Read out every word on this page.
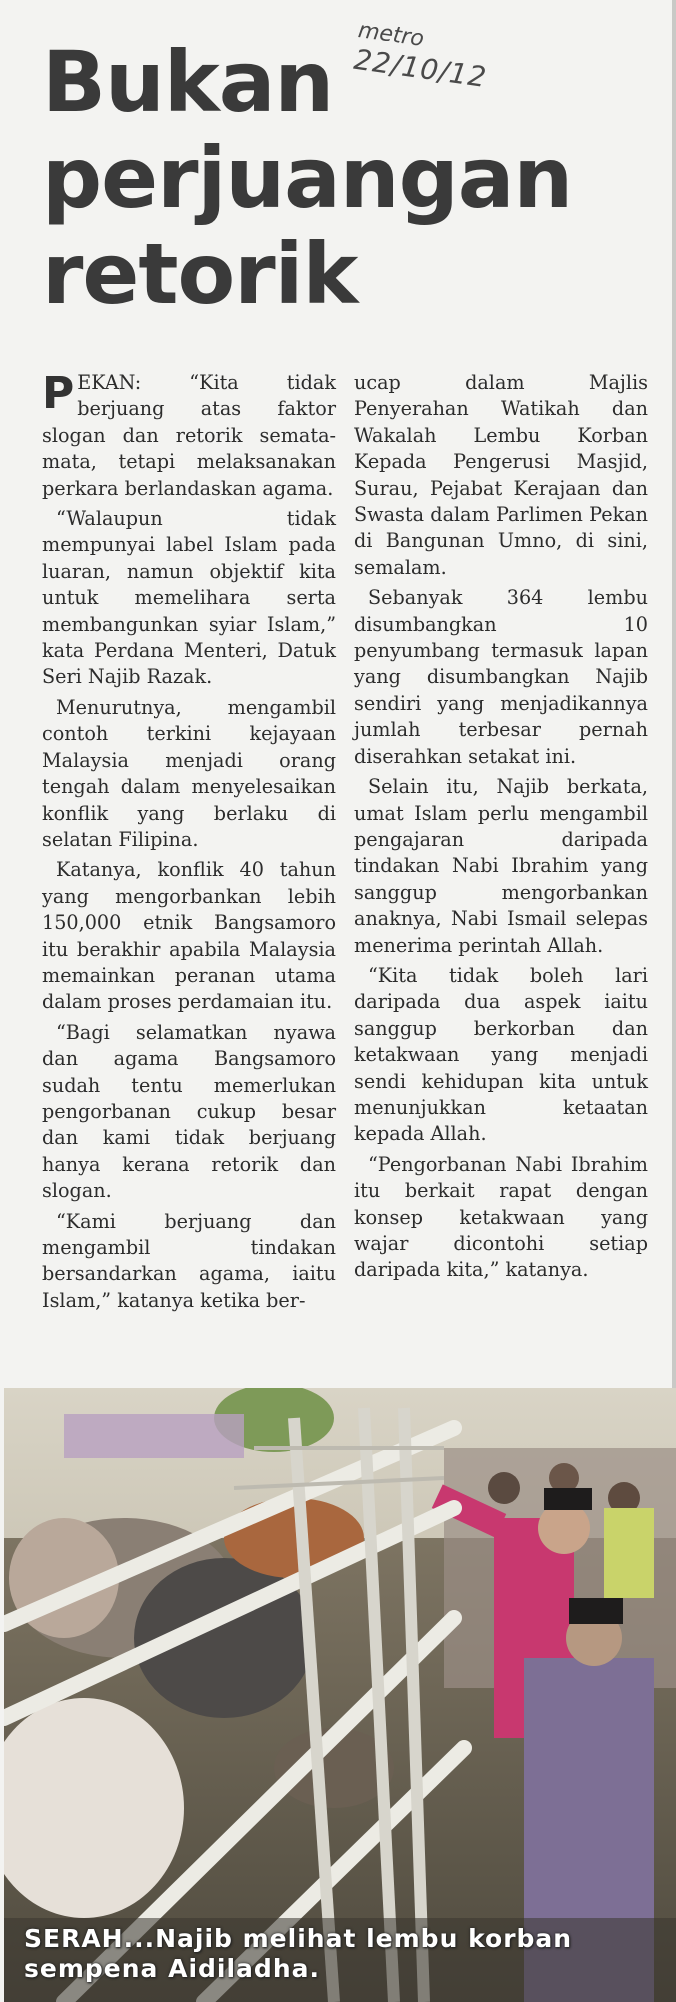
metro
22/10/12
Bukan
perjuangan
retorik

PEKAN: “Kita tidak berjuang atas faktor slogan dan retorik semata-mata, tetapi melaksanakan perkara berlandaskan agama.

“Walaupun tidak mempunyai label Islam pada luaran, namun objektif kita untuk memelihara serta membangunkan syiar Islam,” kata Perdana Menteri, Datuk Seri Najib Razak.

Menurutnya, mengambil contoh terkini kejayaan Malaysia menjadi orang tengah dalam menyelesaikan konflik yang berlaku di selatan Filipina.

Katanya, konflik 40 tahun yang mengorbankan lebih 150,000 etnik Bangsamoro itu berakhir apabila Malaysia memainkan peranan utama dalam proses perdamaian itu.

“Bagi selamatkan nyawa dan agama Bangsamoro sudah tentu memerlukan pengorbanan cukup besar dan kami tidak berjuang hanya kerana retorik dan slogan.

“Kami berjuang dan mengambil tindakan bersandarkan agama, iaitu Islam,” katanya ketika ber-

ucap dalam Majlis Penyerahan Watikah dan Wakalah Lembu Korban Kepada Pengerusi Masjid, Surau, Pejabat Kerajaan dan Swasta dalam Parlimen Pekan di Bangunan Umno, di sini, semalam.

Sebanyak 364 lembu disumbangkan 10 penyumbang termasuk lapan yang disumbangkan Najib sendiri yang menjadikannya jumlah terbesar pernah diserahkan setakat ini.

Selain itu, Najib berkata, umat Islam perlu mengambil pengajaran daripada tindakan Nabi Ibrahim yang sanggup mengorbankan anaknya, Nabi Ismail selepas menerima perintah Allah.

“Kita tidak boleh lari daripada dua aspek iaitu sanggup berkorban dan ketakwaan yang menjadi sendi kehidupan kita untuk menunjukkan ketaatan kepada Allah.

“Pengorbanan Nabi Ibrahim itu berkait rapat dengan konsep ketakwaan yang wajar dicontohi setiap daripada kita,” katanya.

SERAH...Najib melihat lembu korban
sempena Aidiladha.
